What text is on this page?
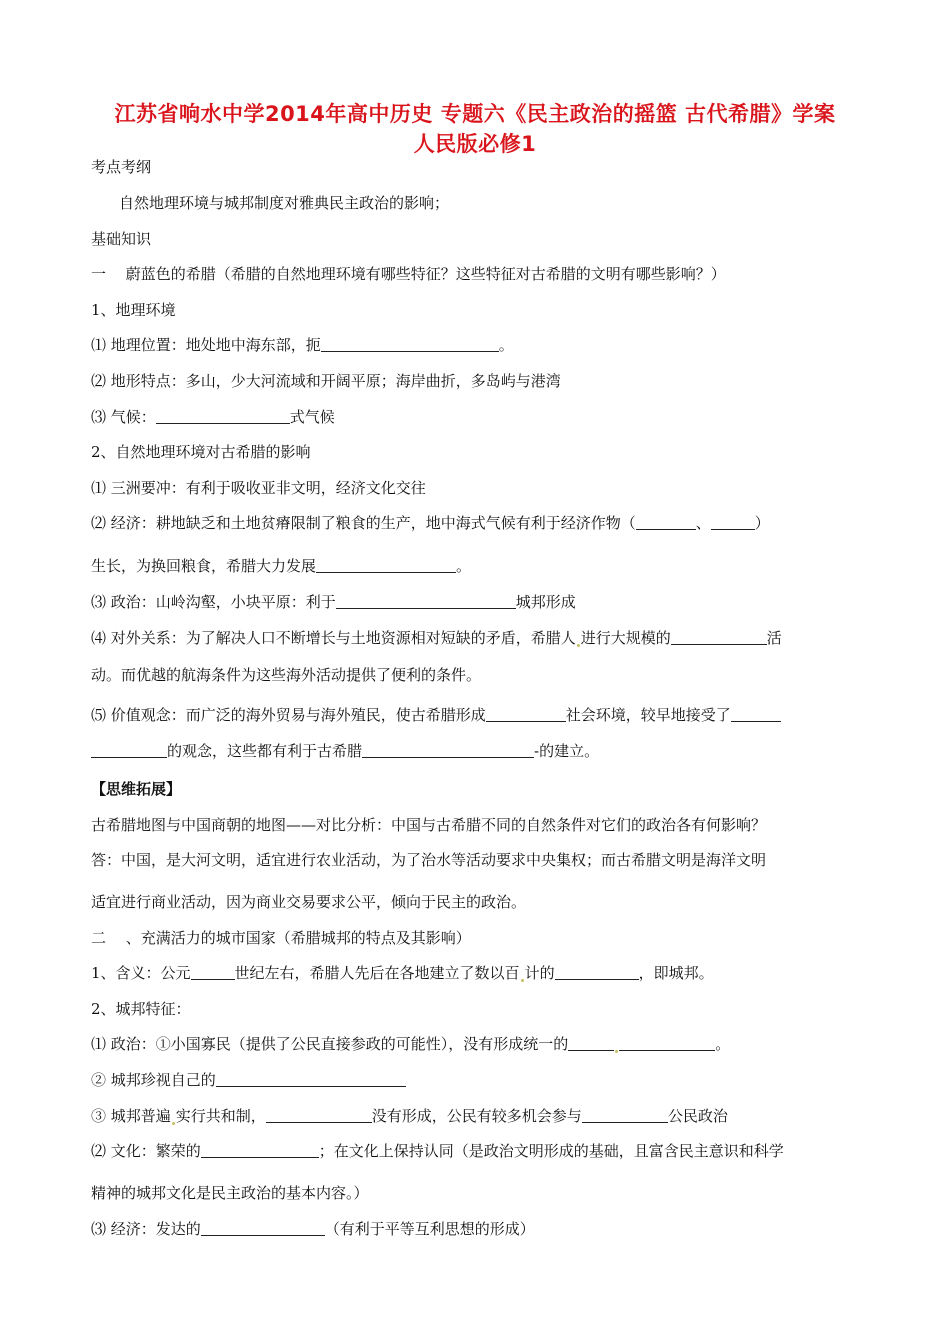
江苏省响水中学2014年高中历史 专题六《民主政治的摇篮 古代希腊》学案
人民版必修1
考点考纲
自然地理环境与城邦制度对雅典民主政治的影响；
基础知识
一　 蔚蓝色的希腊（希腊的自然地理环境有哪些特征？这些特征对古希腊的文明有哪些影响？）
1、地理环境
⑴ 地理位置：地处地中海东部，扼	。
⑵ 地形特点：多山，少大河流域和开阔平原；海岸曲折，多岛屿与港湾
⑶ 气候：	式气候
2、自然地理环境对古希腊的影响
⑴ 三洲要冲：有利于吸收亚非文明，经济文化交往
⑵ 经济：耕地缺乏和土地贫瘠限制了粮食的生产，地中海式气候有利于经济作物（	、	）
生长，为换回粮食，希腊大力发展	。
⑶ 政治：山岭沟壑，小块平原：利于	城邦形成
⑷ 对外关系：为了解决人口不断增长与土地资源相对短缺的矛盾，希腊人 进行大规模的	活
动。而优越的航海条件为这些海外活动提供了便利的条件。
⑸ 价值观念：而广泛的海外贸易与海外殖民，使古希腊形成	社会环境，较早地接受了
的观念，这些都有利于古希腊	-的建立。
【思维拓展】
古希腊地图与中国商朝的地图——对比分析：中国与古希腊不同的自然条件对它们的政治各有何影响？
答：中国，是大河文明，适宜进行农业活动，为了治水等活动要求中央集权；而古希腊文明是海洋文明
适宜进行商业活动，因为商业交易要求公平，倾向于民主的政治。
二　 、充满活力的城市国家（希腊城邦的特点及其影响）
1、含义：公元	世纪左右，希腊人先后在各地建立了数以百 计的	，即城邦。
2、城邦特征：
⑴ 政治：①小国寡民（提供了公民直接参政的可能性），没有形成统一的	。
② 城邦珍视自己的
③ 城邦普遍 实行共和制，	没有形成，公民有较多机会参与	公民政治
⑵ 文化：繁荣的	；在文化上保持认同（是政治文明形成的基础，且富含民主意识和科学
精神的城邦文化是民主政治的基本内容。）
⑶ 经济：发达的	（有利于平等互利思想的形成）
